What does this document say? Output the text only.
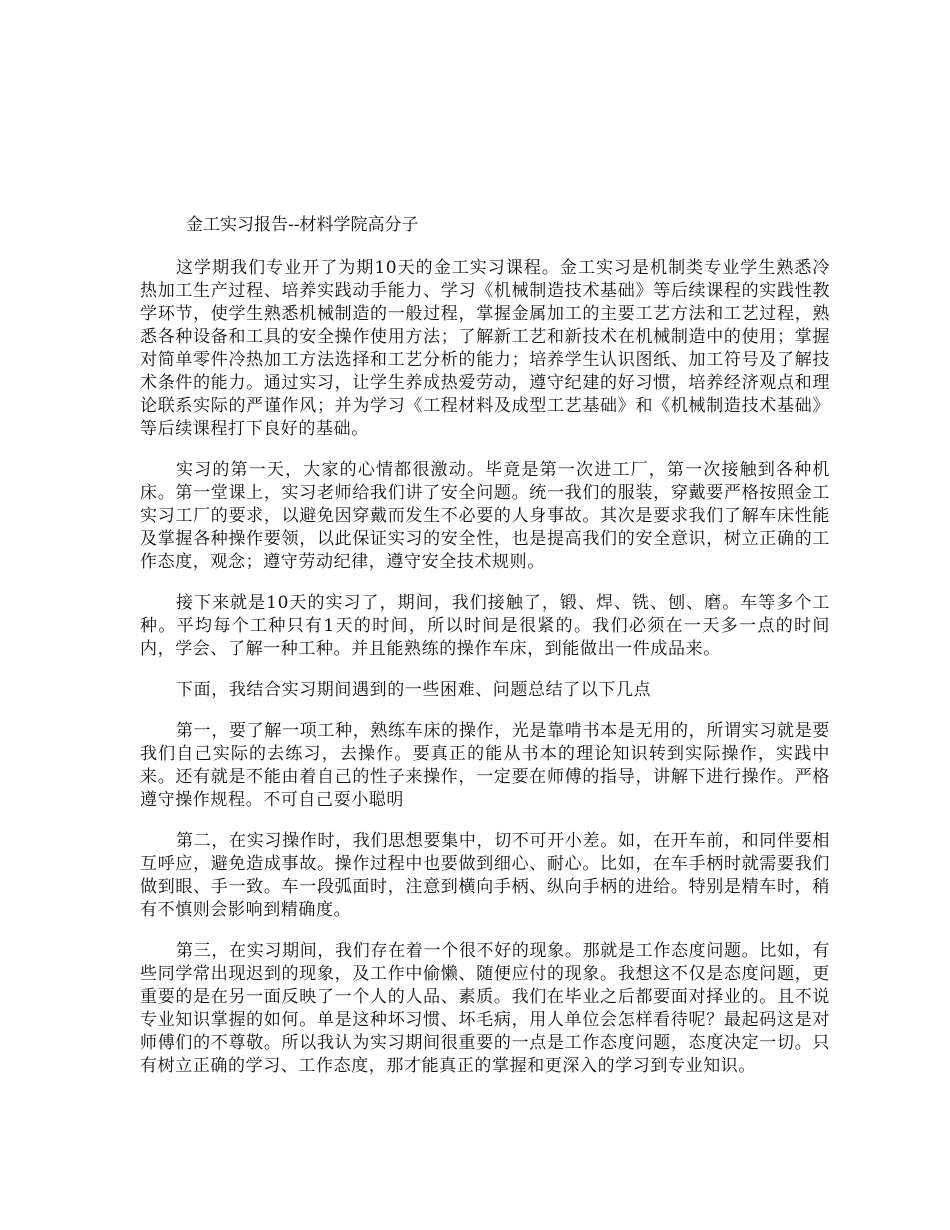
金工实习报告--材料学院高分子

这学期我们专业开了为期10天的金工实习课程。金工实习是机制类专业学生熟悉冷热加工生产过程、培养实践动手能力、学习《机械制造技术基础》等后续课程的实践性教学环节，使学生熟悉机械制造的一般过程，掌握金属加工的主要工艺方法和工艺过程，熟悉各种设备和工具的安全操作使用方法；了解新工艺和新技术在机械制造中的使用；掌握对简单零件冷热加工方法选择和工艺分析的能力；培养学生认识图纸、加工符号及了解技术条件的能力。通过实习，让学生养成热爱劳动，遵守纪建的好习惯，培养经济观点和理论联系实际的严谨作风；并为学习《工程材料及成型工艺基础》和《机械制造技术基础》等后续课程打下良好的基础。

实习的第一天，大家的心情都很激动。毕竟是第一次进工厂，第一次接触到各种机床。第一堂课上，实习老师给我们讲了安全问题。统一我们的服装，穿戴要严格按照金工实习工厂的要求，以避免因穿戴而发生不必要的人身事故。其次是要求我们了解车床性能及掌握各种操作要领，以此保证实习的安全性，也是提高我们的安全意识，树立正确的工作态度，观念；遵守劳动纪律，遵守安全技术规则。

接下来就是10天的实习了，期间，我们接触了，锻、焊、铣、刨、磨。车等多个工种。平均每个工种只有1天的时间，所以时间是很紧的。我们必须在一天多一点的时间内，学会、了解一种工种。并且能熟练的操作车床，到能做出一件成品来。

下面，我结合实习期间遇到的一些困难、问题总结了以下几点

第一，要了解一项工种，熟练车床的操作，光是靠啃书本是无用的，所谓实习就是要我们自己实际的去练习，去操作。要真正的能从书本的理论知识转到实际操作，实践中来。还有就是不能由着自己的性子来操作，一定要在师傅的指导，讲解下进行操作。严格遵守操作规程。不可自己耍小聪明

第二，在实习操作时，我们思想要集中，切不可开小差。如，在开车前，和同伴要相互呼应，避免造成事故。操作过程中也要做到细心、耐心。比如，在车手柄时就需要我们做到眼、手一致。车一段弧面时，注意到横向手柄、纵向手柄的进给。特别是精车时，稍有不慎则会影响到精确度。

第三，在实习期间，我们存在着一个很不好的现象。那就是工作态度问题。比如，有些同学常出现迟到的现象，及工作中偷懒、随便应付的现象。我想这不仅是态度问题，更重要的是在另一面反映了一个人的人品、素质。我们在毕业之后都要面对择业的。且不说专业知识掌握的如何。单是这种坏习惯、坏毛病，用人单位会怎样看待呢？最起码这是对师傅们的不尊敬。所以我认为实习期间很重要的一点是工作态度问题，态度决定一切。只有树立正确的学习、工作态度，那才能真正的掌握和更深入的学习到专业知识。
